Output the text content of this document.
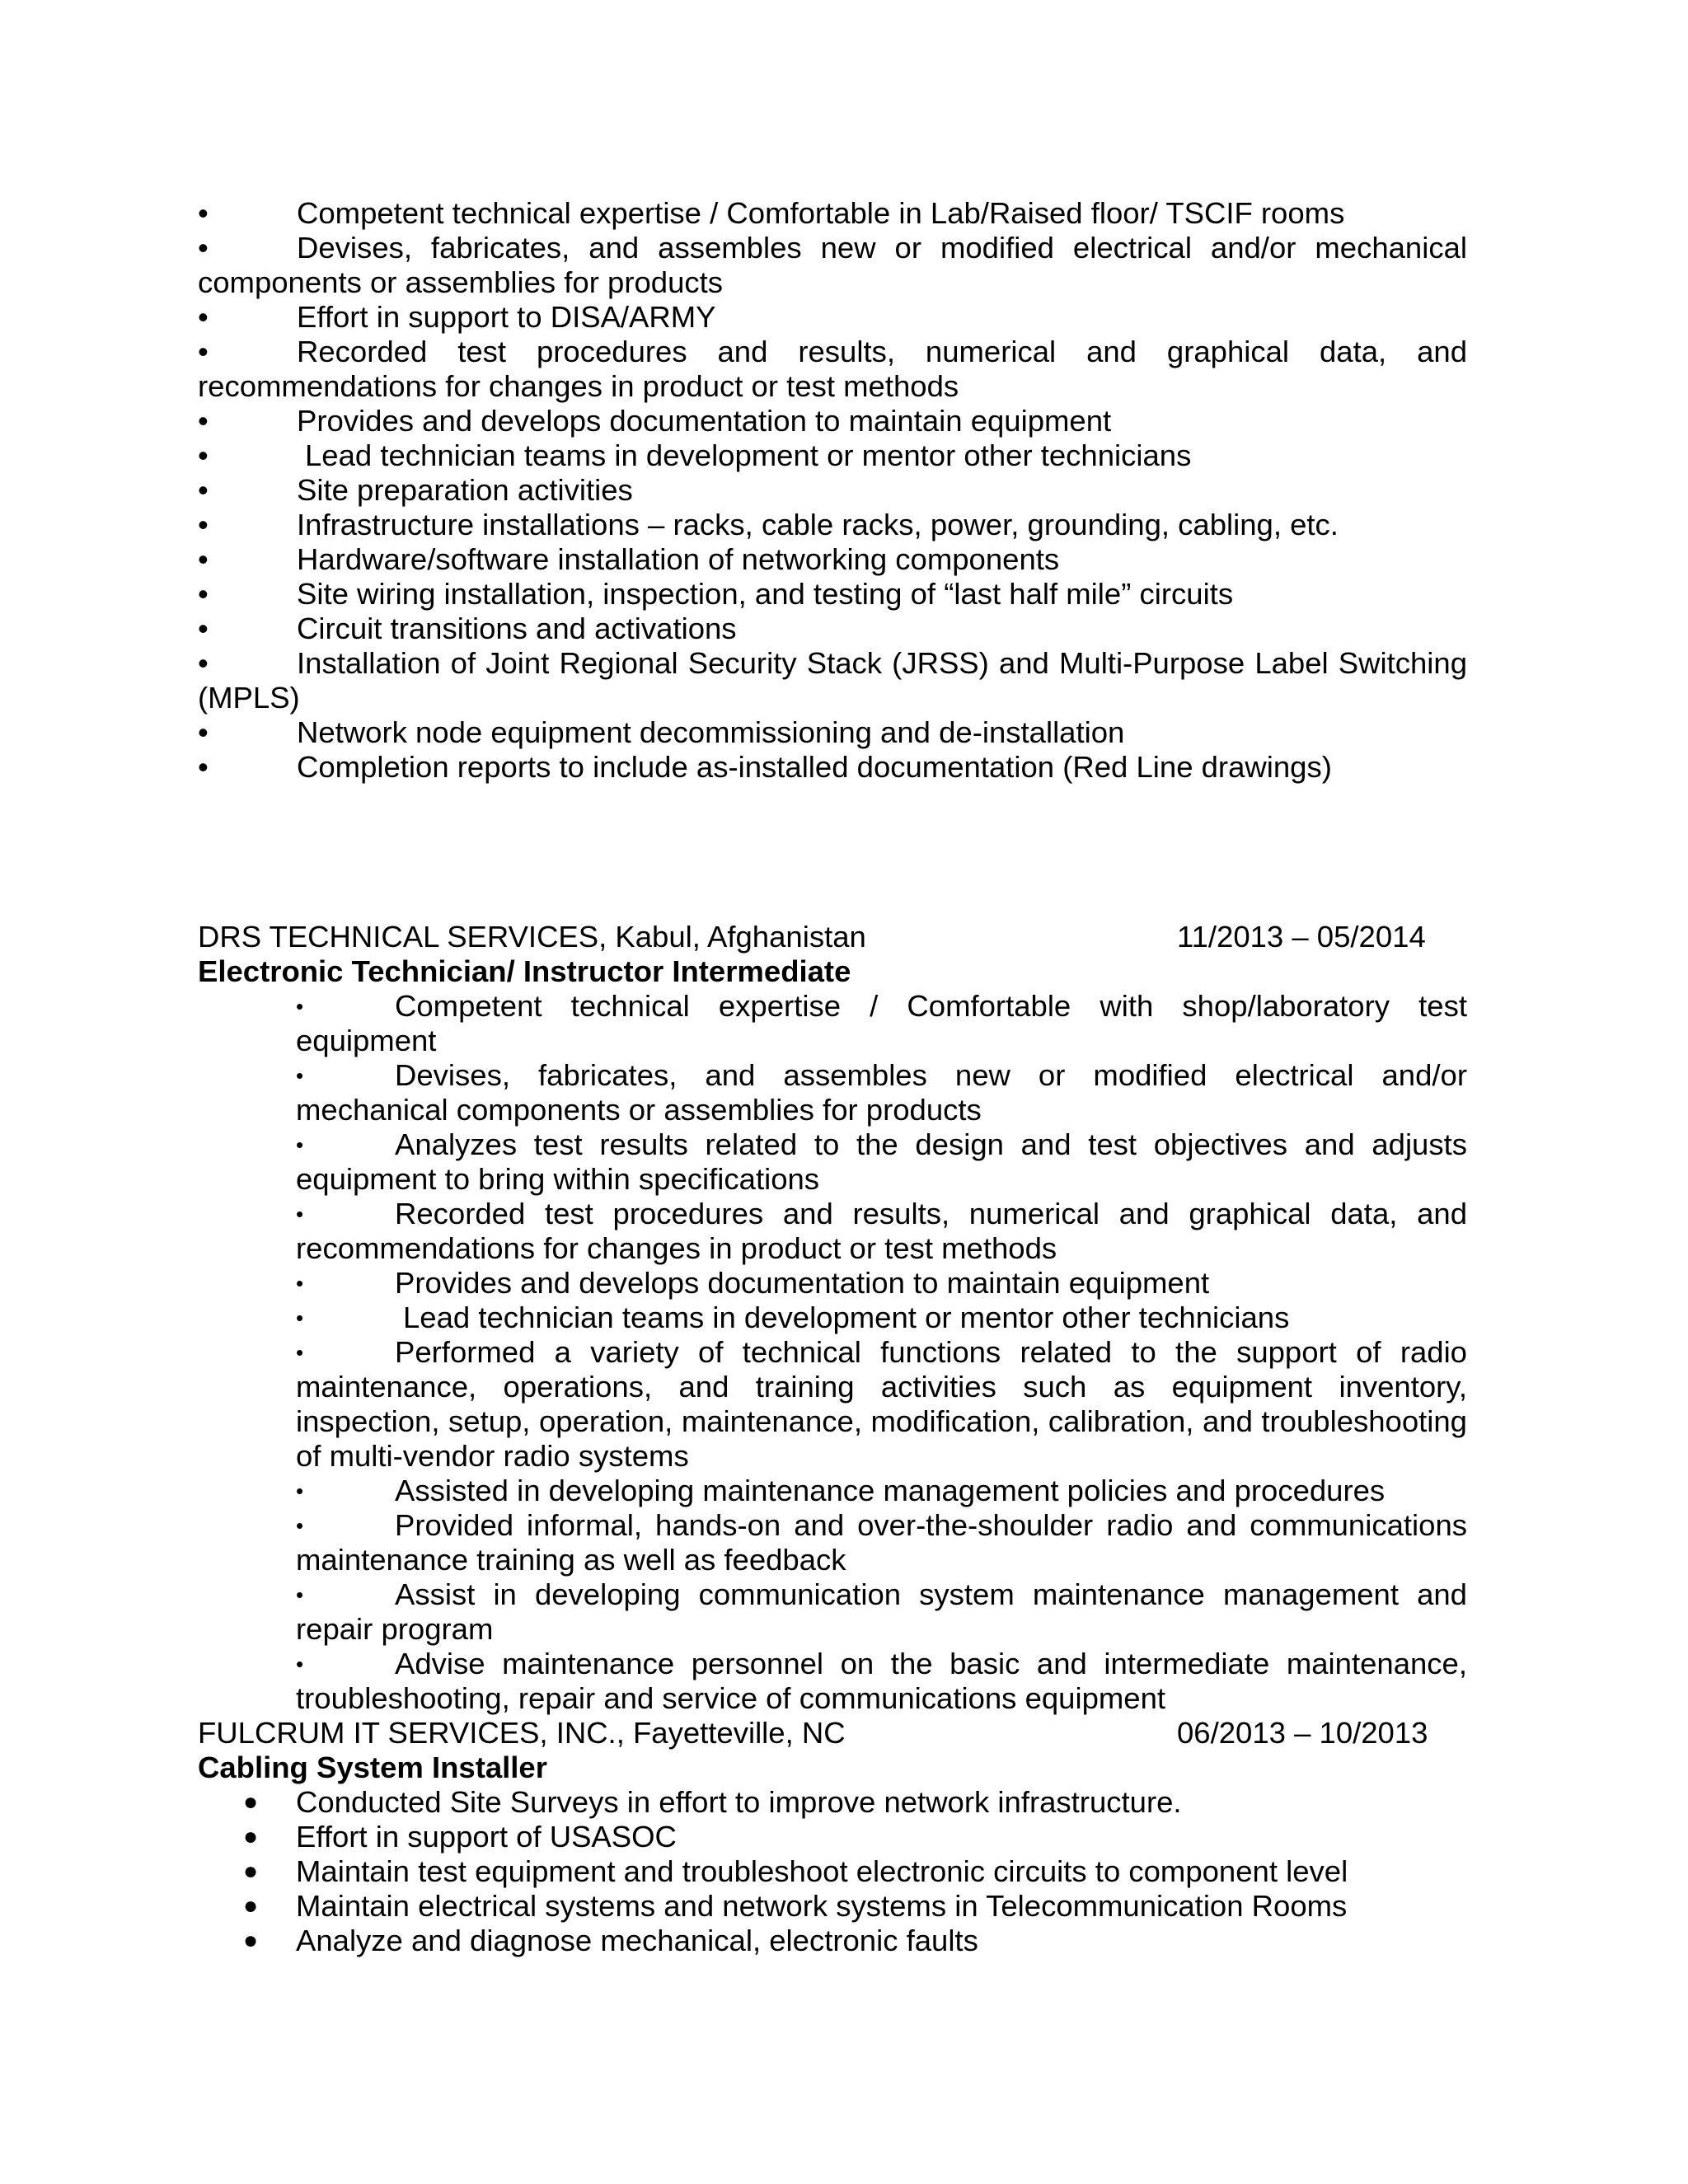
•	Competent technical expertise / Comfortable in Lab/Raised floor/ TSCIF rooms

•	Devises, fabricates, and assembles new or modified electrical and/or mechanical components or assemblies for products

•	Effort in support to DISA/ARMY

•	Recorded test procedures and results, numerical and graphical data, and recommendations for changes in product or test methods

•	Provides and develops documentation to maintain equipment

•	Lead technician teams in development or mentor other technicians

•	Site preparation activities

•	Infrastructure installations – racks, cable racks, power, grounding, cabling, etc.

•	Hardware/software installation of networking components

•	Site wiring installation, inspection, and testing of “last half mile” circuits

•	Circuit transitions and activations

•	Installation of Joint Regional Security Stack (JRSS) and Multi-Purpose Label Switching (MPLS)

•	Network node equipment decommissioning and de-installation

•	Completion reports to include as-installed documentation (Red Line drawings)

DRS TECHNICAL SERVICES, Kabul, Afghanistan	11/2013 – 05/2014
Electronic Technician/ Instructor Intermediate

•	Competent technical expertise / Comfortable with shop/laboratory test equipment

•	Devises, fabricates, and assembles new or modified electrical and/or mechanical components or assemblies for products

•	Analyzes test results related to the design and test objectives and adjusts equipment to bring within specifications

•	Recorded test procedures and results, numerical and graphical data, and recommendations for changes in product or test methods

•	Provides and develops documentation to maintain equipment

•	Lead technician teams in development or mentor other technicians

•	Performed a variety of technical functions related to the support of radio maintenance, operations, and training activities such as equipment inventory, inspection, setup, operation, maintenance, modification, calibration, and troubleshooting of multi-vendor radio systems

•	Assisted in developing maintenance management policies and procedures

•	Provided informal, hands-on and over-the-shoulder radio and communications maintenance training as well as feedback

•	Assist in developing communication system maintenance management and repair program

•	Advise maintenance personnel on the basic and intermediate maintenance, troubleshooting, repair and service of communications equipment

FULCRUM IT SERVICES, INC., Fayetteville, NC	06/2013 – 10/2013
Cabling System Installer

● Conducted Site Surveys in effort to improve network infrastructure.

● Effort in support of USASOC

● Maintain test equipment and troubleshoot electronic circuits to component level

● Maintain electrical systems and network systems in Telecommunication Rooms

● Analyze and diagnose mechanical, electronic faults
